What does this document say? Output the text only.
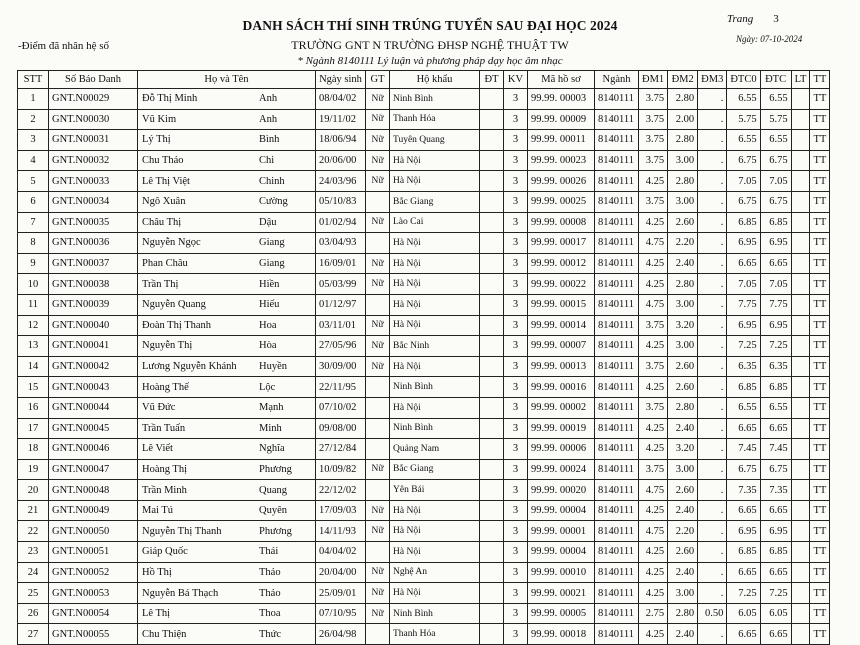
DANH SÁCH THÍ SINH TRÚNG TUYỂN SAU ĐẠI HỌC 2024
TRƯỜNG GNT N TRƯỜNG ĐHSP NGHỆ THUẬT TW
* Ngành 8140111 Lý luận và phương pháp dạy học âm nhạc
-Điểm đã nhân hệ số
Trang 3
Ngày: 07-10-2024
STT	Số Báo Danh	Họ và Tên	Ngày sinh	GT	Hộ khẩu	ĐT	KV	Mã hồ sơ	Ngành	ĐM1	ĐM2	ĐM3	ĐTC0	ĐTC	LT	TT
1	GNT.N00029	Đỗ Thị Minh Anh	08/04/02	Nữ	Ninh Bình		3	99.99. 00003	8140111	3.75	2.80	.	6.55	6.55		TT
2	GNT.N00030	Vũ Kim Anh	19/11/02	Nữ	Thanh Hóa		3	99.99. 00009	8140111	3.75	2.00	.	5.75	5.75		TT
3	GNT.N00031	Lý Thị Bình	18/06/94	Nữ	Tuyên Quang		3	99.99. 00011	8140111	3.75	2.80	.	6.55	6.55		TT
4	GNT.N00032	Chu Thảo Chi	20/06/00	Nữ	Hà Nội		3	99.99. 00023	8140111	3.75	3.00	.	6.75	6.75		TT
5	GNT.N00033	Lê Thị Việt Chinh	24/03/96	Nữ	Hà Nội		3	99.99. 00026	8140111	4.25	2.80	.	7.05	7.05		TT
6	GNT.N00034	Ngô Xuân Cường	05/10/83		Bắc Giang		3	99.99. 00025	8140111	3.75	3.00	.	6.75	6.75		TT
7	GNT.N00035	Châu Thị Dậu	01/02/94	Nữ	Lào Cai		3	99.99. 00008	8140111	4.25	2.60	.	6.85	6.85		TT
8	GNT.N00036	Nguyễn Ngọc Giang	03/04/93		Hà Nội		3	99.99. 00017	8140111	4.75	2.20	.	6.95	6.95		TT
9	GNT.N00037	Phan Châu Giang	16/09/01	Nữ	Hà Nội		3	99.99. 00012	8140111	4.25	2.40	.	6.65	6.65		TT
10	GNT.N00038	Trần Thị Hiền	05/03/99	Nữ	Hà Nội		3	99.99. 00022	8140111	4.25	2.80	.	7.05	7.05		TT
11	GNT.N00039	Nguyễn Quang Hiếu	01/12/97		Hà Nội		3	99.99. 00015	8140111	4.75	3.00	.	7.75	7.75		TT
12	GNT.N00040	Đoàn Thị Thanh Hoa	03/11/01	Nữ	Hà Nội		3	99.99. 00014	8140111	3.75	3.20	.	6.95	6.95		TT
13	GNT.N00041	Nguyễn Thị Hòa	27/05/96	Nữ	Bắc Ninh		3	99.99. 00007	8140111	4.25	3.00	.	7.25	7.25		TT
14	GNT.N00042	Lương Nguyễn Khánh Huyền	30/09/00	Nữ	Hà Nội		3	99.99. 00013	8140111	3.75	2.60	.	6.35	6.35		TT
15	GNT.N00043	Hoàng Thế Lộc	22/11/95		Ninh Bình		3	99.99. 00016	8140111	4.25	2.60	.	6.85	6.85		TT
16	GNT.N00044	Vũ Đức Mạnh	07/10/02		Hà Nội		3	99.99. 00002	8140111	3.75	2.80	.	6.55	6.55		TT
17	GNT.N00045	Trần Tuấn Minh	09/08/00		Ninh Bình		3	99.99. 00019	8140111	4.25	2.40	.	6.65	6.65		TT
18	GNT.N00046	Lê Viết Nghĩa	27/12/84		Quảng Nam		3	99.99. 00006	8140111	4.25	3.20	.	7.45	7.45		TT
19	GNT.N00047	Hoàng Thị Phương	10/09/82	Nữ	Bắc Giang		3	99.99. 00024	8140111	3.75	3.00	.	6.75	6.75		TT
20	GNT.N00048	Trần Minh Quang	22/12/02		Yên Bái		3	99.99. 00020	8140111	4.75	2.60	.	7.35	7.35		TT
21	GNT.N00049	Mai Tú Quyên	17/09/03	Nữ	Hà Nội		3	99.99. 00004	8140111	4.25	2.40	.	6.65	6.65		TT
22	GNT.N00050	Nguyễn Thị Thanh Phương	14/11/93	Nữ	Hà Nội		3	99.99. 00001	8140111	4.75	2.20	.	6.95	6.95		TT
23	GNT.N00051	Giáp Quốc Thái	04/04/02		Hà Nội		3	99.99. 00004	8140111	4.25	2.60	.	6.85	6.85		TT
24	GNT.N00052	Hồ Thị Thảo	20/04/00	Nữ	Nghệ An		3	99.99. 00010	8140111	4.25	2.40	.	6.65	6.65		TT
25	GNT.N00053	Nguyễn Bá Thạch Thảo	25/09/01	Nữ	Hà Nội		3	99.99. 00021	8140111	4.25	3.00	.	7.25	7.25		TT
26	GNT.N00054	Lê Thị Thoa	07/10/95	Nữ	Ninh Bình		3	99.99. 00005	8140111	2.75	2.80	0.50	6.05	6.05		TT
27	GNT.N00055	Chu Thiện Thức	26/04/98		Thanh Hóa		3	99.99. 00018	8140111	4.25	2.40	.	6.65	6.65		TT
